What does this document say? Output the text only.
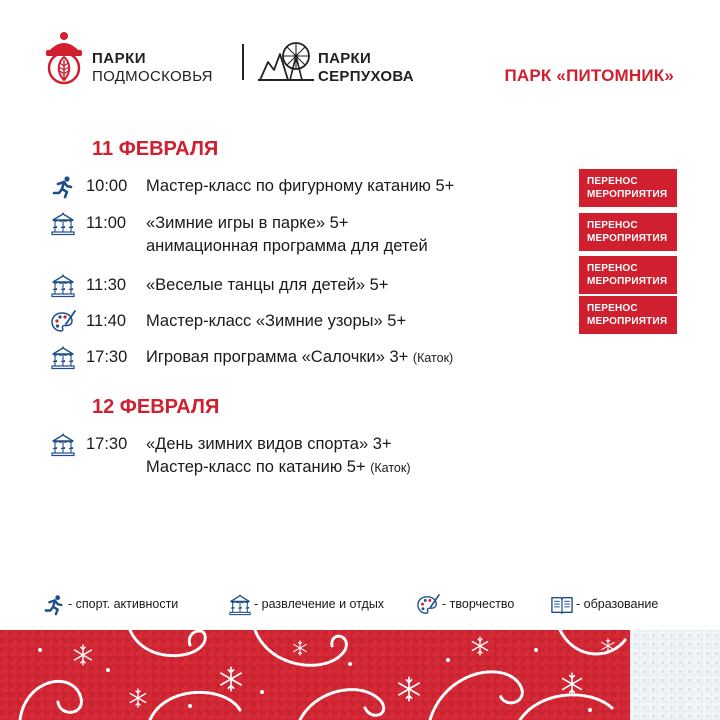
ПАРКИ
ПОДМОСКОВЬЯ
ПАРКИ
СЕРПУХОВА	ПАРК «ПИТОМНИК»
11 ФЕВРАЛЯ
10:00 Мастер-класс по фигурному катанию 5+
11:00 «Зимние игры в парке» 5+
анимационная программа для детей
11:30 «Веселые танцы для детей» 5+
11:40 Мастер-класс «Зимние узоры» 5+
17:30 Игровая программа «Салочки» 3+ (Каток)
12 ФЕВРАЛЯ
17:30 «День зимних видов спорта» 3+
Мастер-класс по катанию 5+ (Каток)
ПЕРЕНОС
МЕРОПРИЯТИЯ
ПЕРЕНОС
МЕРОПРИЯТИЯ
ПЕРЕНОС
МЕРОПРИЯТИЯ
ПЕРЕНОС
МЕРОПРИЯТИЯ
- спорт. активности	- развлечение и отдых	- творчество	- образование
